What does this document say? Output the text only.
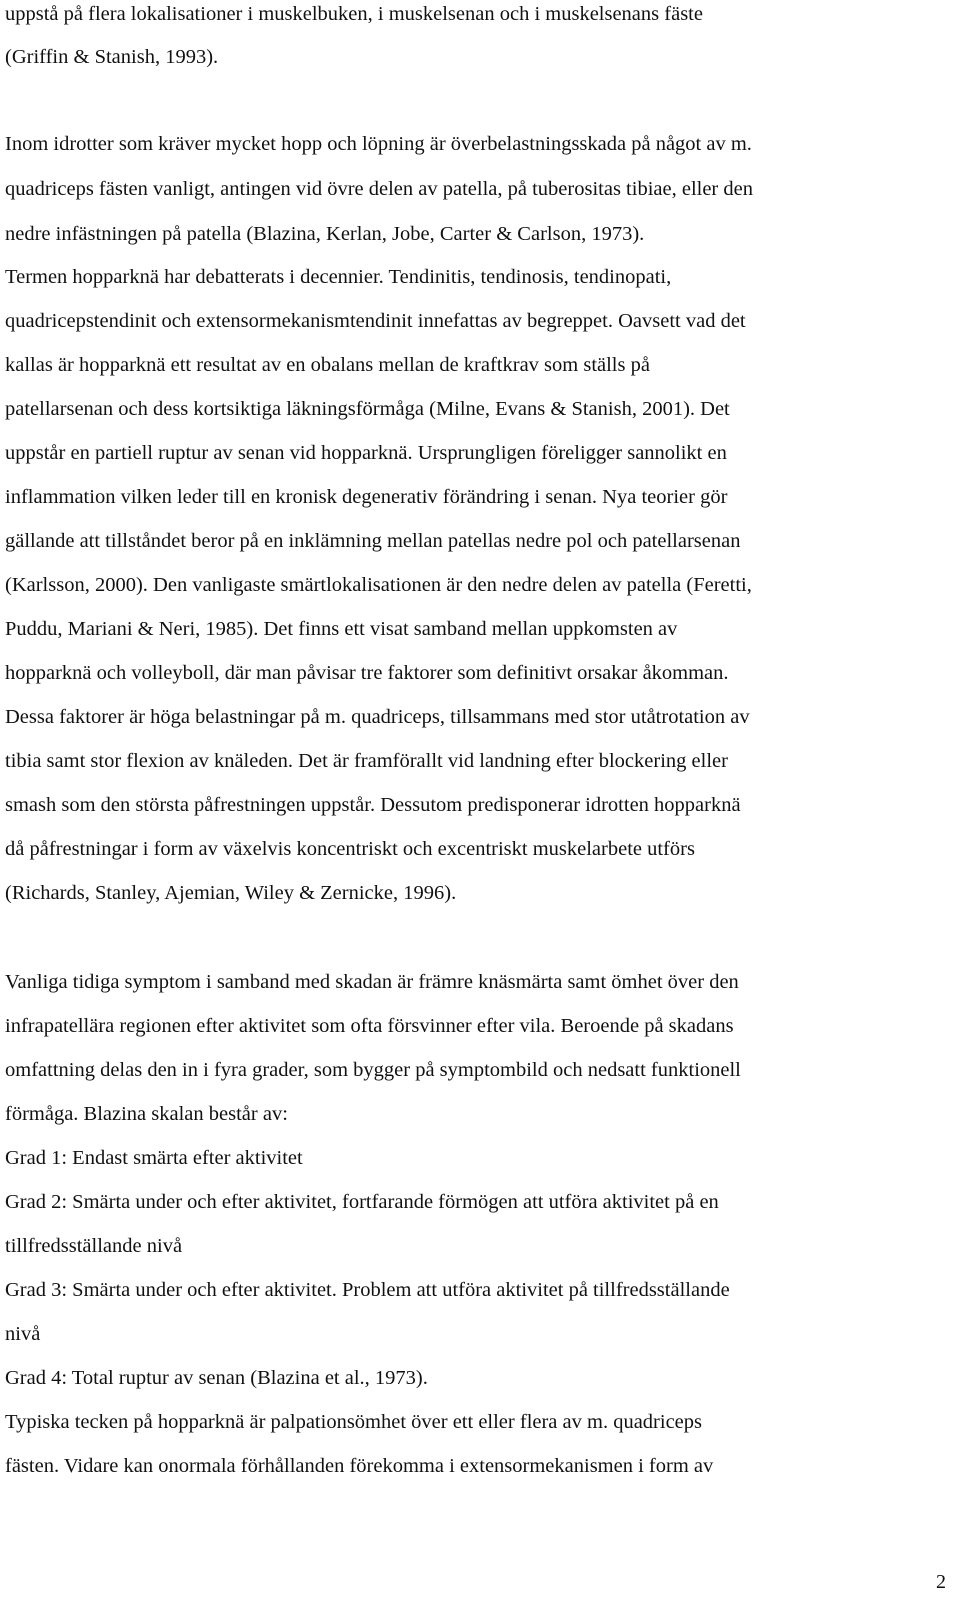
uppstå på flera lokalisationer i muskelbuken, i muskelsenan och i muskelsenans fäste
(Griffin & Stanish, 1993).
Inom idrotter som kräver mycket hopp och löpning är överbelastningsskada på något av m.
quadriceps fästen vanligt, antingen vid övre delen av patella, på tuberositas tibiae, eller den
nedre infästningen på patella (Blazina, Kerlan, Jobe, Carter & Carlson, 1973).
Termen hopparknä har debatterats i decennier. Tendinitis, tendinosis, tendinopati,
quadricepstendinit och extensormekanismtendinit innefattas av begreppet. Oavsett vad det
kallas är hopparknä ett resultat av en obalans mellan de kraftkrav som ställs på
patellarsenan och dess kortsiktiga läkningsförmåga (Milne, Evans & Stanish, 2001). Det
uppstår en partiell ruptur av senan vid hopparknä. Ursprungligen föreligger sannolikt en
inflammation vilken leder till en kronisk degenerativ förändring i senan. Nya teorier gör
gällande att tillståndet beror på en inklämning mellan patellas nedre pol och patellarsenan
(Karlsson, 2000). Den vanligaste smärtlokalisationen är den nedre delen av patella (Feretti,
Puddu, Mariani & Neri, 1985). Det finns ett visat samband mellan uppkomsten av
hopparknä och volleyboll, där man påvisar tre faktorer som definitivt orsakar åkomman.
Dessa faktorer är höga belastningar på m. quadriceps, tillsammans med stor utåtrotation av
tibia samt stor flexion av knäleden. Det är framförallt vid landning efter blockering eller
smash som den största påfrestningen uppstår. Dessutom predisponerar idrotten hopparknä
då påfrestningar i form av växelvis koncentriskt och excentriskt muskelarbete utförs
(Richards, Stanley, Ajemian, Wiley & Zernicke, 1996).
Vanliga tidiga symptom i samband med skadan är främre knäsmärta samt ömhet över den
infrapatellära regionen efter aktivitet som ofta försvinner efter vila. Beroende på skadans
omfattning delas den in i fyra grader, som bygger på symptombild och nedsatt funktionell
förmåga. Blazina skalan består av:
Grad 1: Endast smärta efter aktivitet
Grad 2: Smärta under och efter aktivitet, fortfarande förmögen att utföra aktivitet på en
tillfredsställande nivå
Grad 3: Smärta under och efter aktivitet. Problem att utföra aktivitet på tillfredsställande
nivå
Grad 4: Total ruptur av senan (Blazina et al., 1973).
Typiska tecken på hopparknä är palpationsömhet över ett eller flera av m. quadriceps
fästen. Vidare kan onormala förhållanden förekomma i extensormekanismen i form av
2
